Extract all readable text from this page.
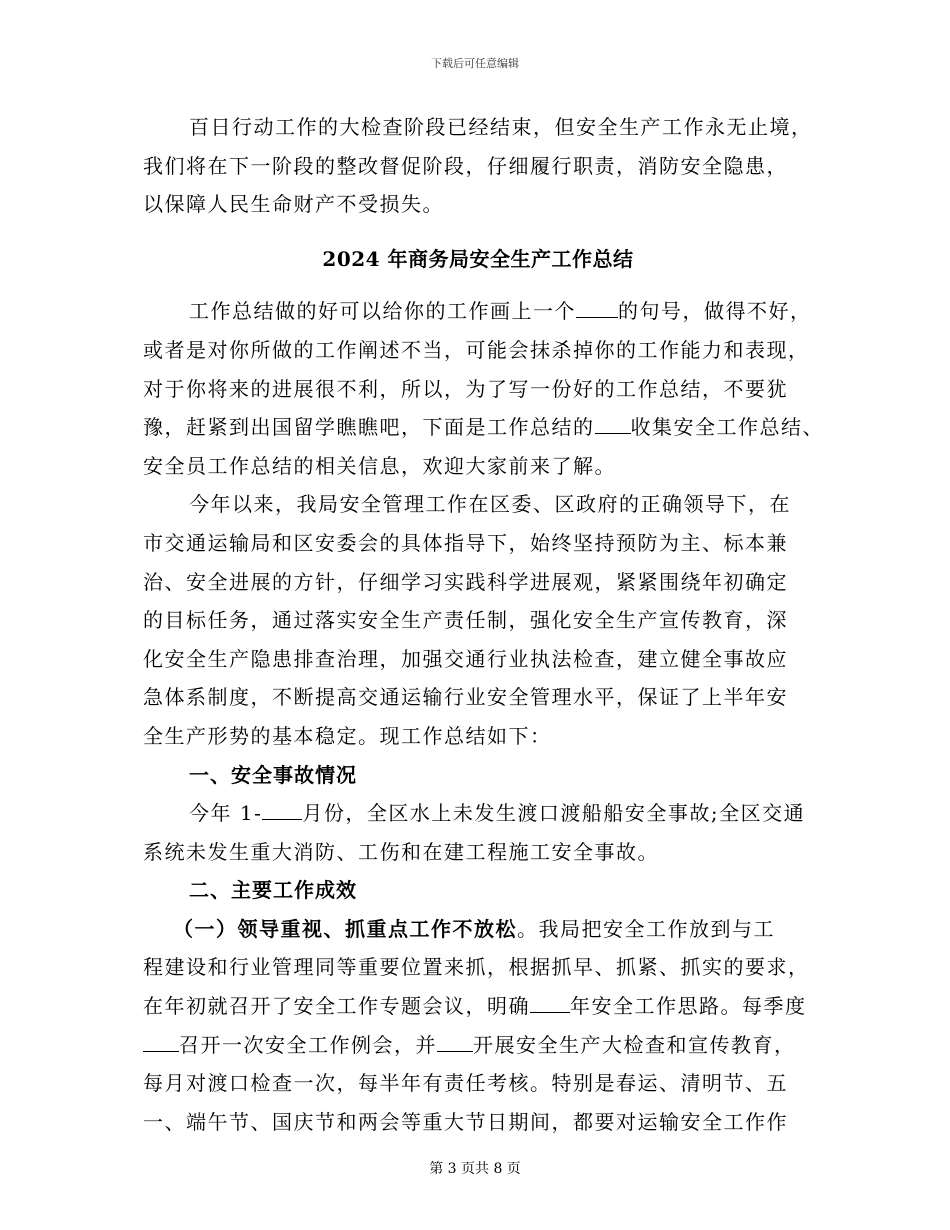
下载后可任意编辑
百日行动工作的大检查阶段已经结束，但安全生产工作永无止境，
我们将在下一阶段的整改督促阶段，仔细履行职责，消防安全隐患，
以保障人民生命财产不受损失。
2024 年商务局安全生产工作总结
工作总结做的好可以给你的工作画上一个 的句号，做得不好，
或者是对你所做的工作阐述不当，可能会抹杀掉你的工作能力和表现，
对于你将来的进展很不利，所以，为了写一份好的工作总结，不要犹
豫，赶紧到出国留学瞧瞧吧，下面是工作总结的 收集安全工作总结、
安全员工作总结的相关信息，欢迎大家前来了解。
今年以来，我局安全管理工作在区委、区政府的正确领导下，在
市交通运输局和区安委会的具体指导下，始终坚持预防为主、标本兼
治、安全进展的方针，仔细学习实践科学进展观，紧紧围绕年初确定
的目标任务，通过落实安全生产责任制，强化安全生产宣传教育，深
化安全生产隐患排查治理，加强交通行业执法检查，建立健全事故应
急体系制度，不断提高交通运输行业安全管理水平，保证了上半年安
全生产形势的基本稳定。现工作总结如下：
一、安全事故情况
今年 1- 月份，全区水上未发生渡口渡船船安全事故;全区交通
系统未发生重大消防、工伤和在建工程施工安全事故。
二、主要工作成效
（一）领导重视、抓重点工作不放松。我局把安全工作放到与工
程建设和行业管理同等重要位置来抓，根据抓早、抓紧、抓实的要求，
在年初就召开了安全工作专题会议，明确 年安全工作思路。每季度
召开一次安全工作例会，并 开展安全生产大检查和宣传教育，
每月对渡口检查一次，每半年有责任考核。特别是春运、清明节、五
一、端午节、国庆节和两会等重大节日期间，都要对运输安全工作作
第 3 页共 8 页
